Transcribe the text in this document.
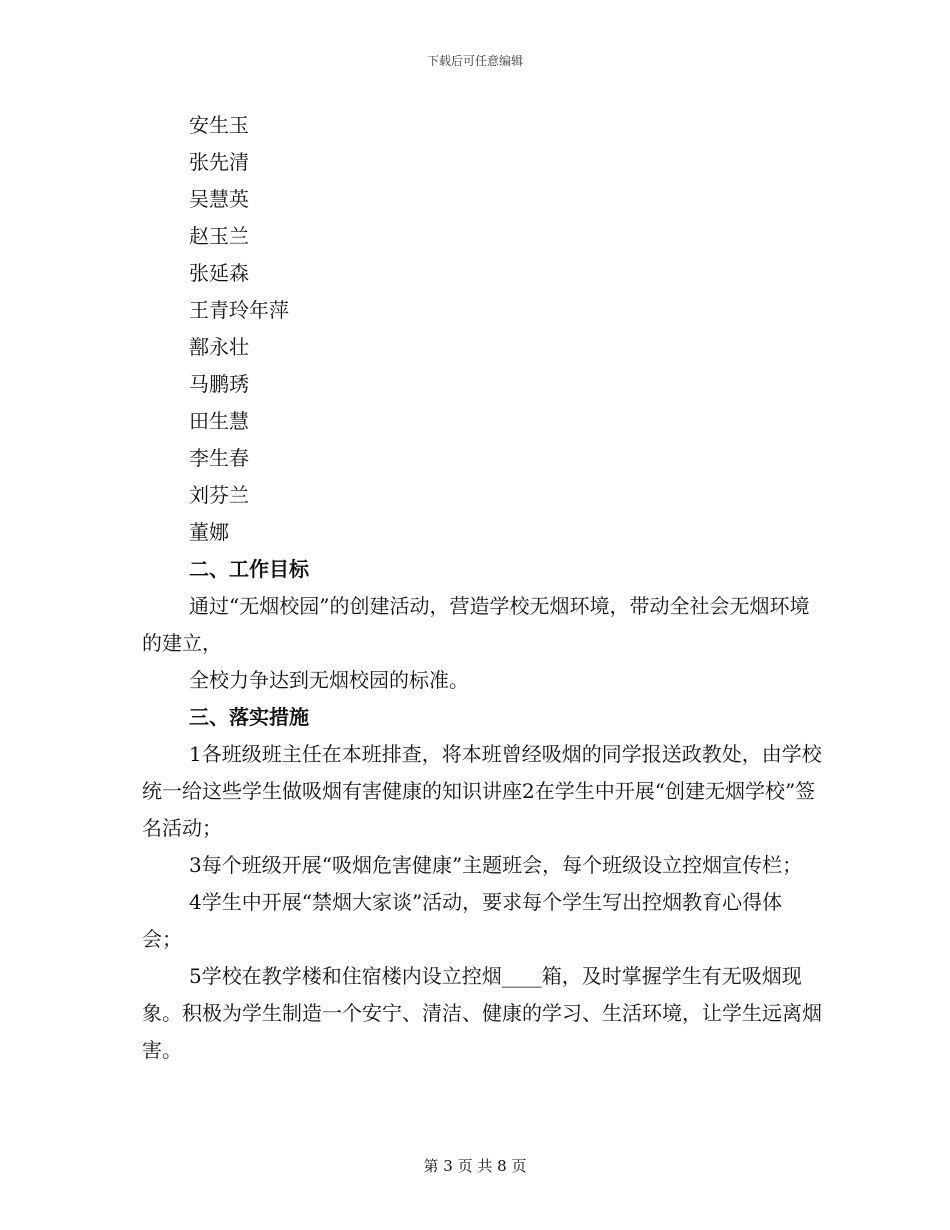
下载后可任意编辑
安生玉
张先清
吴慧英
赵玉兰
张延森
王青玲年萍
鄯永壮
马鹏琇
田生慧
李生春
刘芬兰
董娜
二、工作目标
通过“无烟校园”的创建活动，营造学校无烟环境，带动全社会无烟环境的建立，
全校力争达到无烟校园的标准。
三、落实措施
1各班级班主任在本班排查，将本班曾经吸烟的同学报送政教处，由学校统一给这些学生做吸烟有害健康的知识讲座2在学生中开展“创建无烟学校”签名活动；
3每个班级开展“吸烟危害健康”主题班会，每个班级设立控烟宣传栏；
4学生中开展“禁烟大家谈”活动，要求每个学生写出控烟教育心得体会；
5学校在教学楼和住宿楼内设立控烟____箱，及时掌握学生有无吸烟现象。积极为学生制造一个安宁、清洁、健康的学习、生活环境，让学生远离烟害。
第 3 页 共 8 页
